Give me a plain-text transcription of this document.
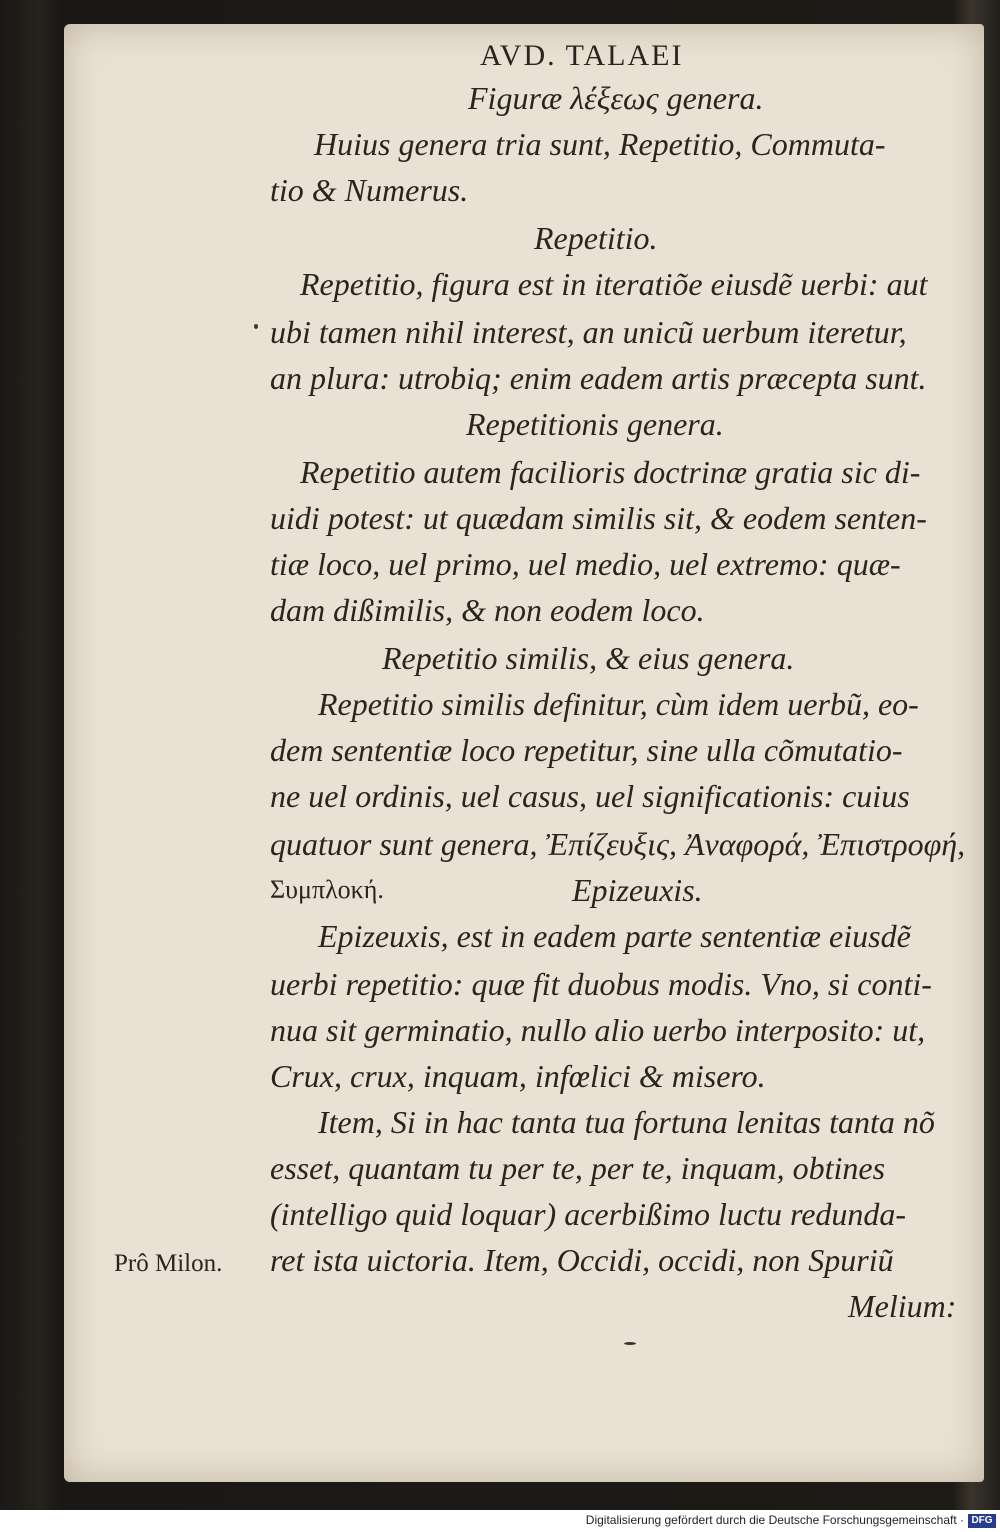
AVD. TALAEI
Figuræ λέξεως genera.
Huius genera tria sunt, Repetitio, Commuta-
tio & Numerus.
Repetitio.
Repetitio, figura est in iteratiõe eiusdẽ uerbi: aut
ubi tamen nihil interest, an unicũ uerbum iteretur,
an plura: utrobiq; enim eadem artis præcepta sunt.
Repetitionis genera.
Repetitio autem facilioris doctrinæ gratia sic di-
uidi potest: ut quædam similis sit, & eodem senten-
tiæ loco, uel primo, uel medio, uel extremo: quæ-
dam dißimilis, & non eodem loco.
Repetitio similis, & eius genera.
Repetitio similis definitur, cùm idem uerbũ, eo-
dem sententiæ loco repetitur, sine ulla cõmutatio-
ne uel ordinis, uel casus, uel significationis: cuius
quatuor sunt genera, Ἐπίζευξις, Ἀναφορά, Ἐπιστροφή,
Συμπλοκή.	Epizeuxis.
Epizeuxis, est in eadem parte sententiæ eiusdẽ
uerbi repetitio: quæ fit duobus modis. Vno, si conti-
nua sit germinatio, nullo alio uerbo interposito: ut,
Crux, crux, inquam, infœlici & misero.
Item, Si in hac tanta tua fortuna lenitas tanta nõ
esset, quantam tu per te, per te, inquam, obtines
(intelligo quid loquar) acerbißimo luctu redunda-
Prô Milon. ret ista uictoria. Item, Occidi, occidi, non Spuriũ
Melium:
Digitalisierung gefördert durch die Deutsche Forschungsgemeinschaft · DFG
